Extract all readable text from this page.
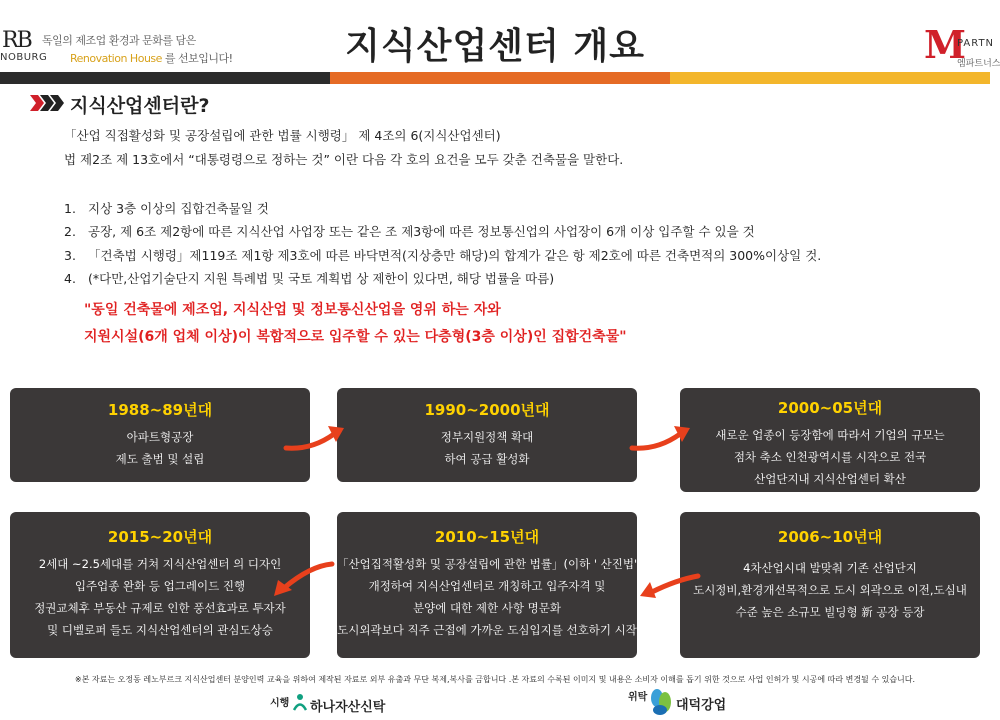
RB
NOBURG
독일의 제조업 환경과 문화를 담은
Renovation House 를 선보입니다!	지식산업센터 개요	M
PARTN
엠파트너스
지식산업센터란?
「산업 직접활성화 및 공장설립에 관한 법률 시행령」 제 4조의 6(지식산업센터)
법 제2조 제 13호에서 “대통령령으로 정하는 것” 이란 다음 각 호의 요건을 모두 갖춘 건축물을 말한다.
1. 지상 3층 이상의 집합건축물일 것
2. 공장, 제 6조 제2항에 따른 지식산업 사업장 또는 같은 조 제3항에 따른 정보통신업의 사업장이 6개 이상 입주할 수 있을 것
3. 「건축법 시행령」제119조 제1항 제3호에 따른 바닥면적(지상층만 해당)의 합계가 같은 항 제2호에 따른 건축면적의 300%이상일 것.
4. (*다만,산업기술단지 지원 특례법 및 국토 계획법 상 제한이 있다면, 해당 법률을 따름)
"동일 건축물에 제조업, 지식산업 및 정보통신산업을 영위 하는 자와
지원시설(6개 업체 이상)이 복합적으로 입주할 수 있는 다층형(3층 이상)인 집합건축물"
1988~89년대
아파트형공장
제도 출범 및 설립
1990~2000년대
정부지원정책 확대
하여 공급 활성화
2000~05년대
새로운 업종이 등장함에 따라서 기업의 규모는
점차 축소 인천광역시를 시작으로 전국
산업단지내 지식산업센터 확산
2015~20년대
2세대 ~2.5세대를 거쳐 지식산업센터 의 디자인
입주업종 완화 등 업그레이드 진행
정권교체후 부동산 규제로 인한 풍선효과로 투자자
및 디벨로퍼 들도 지식산업센터의 관심도상승
2010~15년대
「산업집적활성화 및 공장설립에 관한 법률」(이하 ' 산진법')
개정하여 지식산업센터로 개칭하고 입주자격 및
분양에 대한 제한 사항 명문화
도시외곽보다 직주 근접에 가까운 도심입지를 선호하기 시작
2006~10년대
4차산업시대 발맞춰 기존 산업단지
도시정비,환경개선목적으로 도시 외곽으로 이전,도심내
수준 높은 소규모 빌딩형 新 공장 등장
※본 자료는 오정동 레노부르크 지식산업센터 분양인력 교육을 위하여 제작된 자료로 외부 유출과 무단 복제,복사를 금합니다 .본 자료의 수록된 이미지 및 내용은 소비자 이해를 돕기 위한 것으로 사업 인허가 및 시공에 따라 변경될 수 있습니다.
시행 하나자산신탁
위탁
대덕강업
